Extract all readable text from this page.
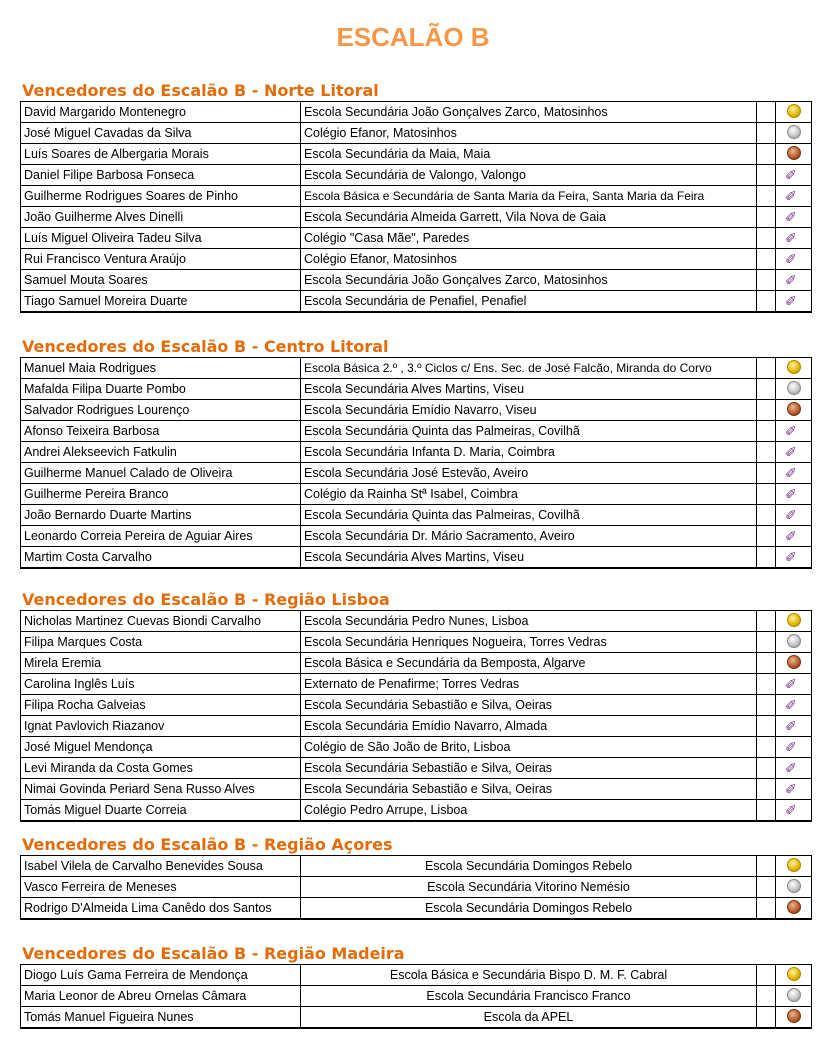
ESCALÃO B
Vencedores do Escalão B - Norte Litoral
David Margarido Montenegro	Escola Secundária João Gonçalves Zarco, Matosinhos
José Miguel Cavadas da Silva	Colégio Efanor, Matosinhos
Luís Soares de Albergaria Morais	Escola Secundária da Maia, Maia
Daniel Filipe Barbosa Fonseca	Escola Secundária de Valongo, Valongo	✐
Guilherme Rodrigues Soares de Pinho	Escola Básica e Secundária de Santa Maria da Feira, Santa Maria da Feira	✐
João Guilherme Alves Dinelli	Escola Secundária Almeida Garrett, Vila Nova de Gaia	✐
Luís Miguel Oliveira Tadeu Silva	Colégio "Casa Mãe", Paredes	✐
Rui Francisco Ventura Araújo	Colégio Efanor, Matosinhos	✐
Samuel Mouta Soares	Escola Secundária João Gonçalves Zarco, Matosinhos	✐
Tiago Samuel Moreira Duarte	Escola Secundária de Penafiel, Penafiel	✐
Vencedores do Escalão B - Centro Litoral
Manuel Maia Rodrigues	Escola Básica 2.º , 3.º Ciclos c/ Ens. Sec. de José Falcão, Miranda do Corvo
Mafalda Filipa Duarte Pombo	Escola Secundária Alves Martins, Viseu
Salvador Rodrigues Lourenço	Escola Secundária Emídio Navarro, Viseu
Afonso Teixeira Barbosa	Escola Secundária Quinta das Palmeiras, Covilhã	✐
Andrei Alekseevich Fatkulin	Escola Secundária Infanta D. Maria, Coimbra	✐
Guilherme Manuel Calado de Oliveira	Escola Secundária José Estevão, Aveiro	✐
Guilherme Pereira Branco	Colégio da Rainha Stª Isabel, Coimbra	✐
João Bernardo Duarte Martins	Escola Secundária Quinta das Palmeiras, Covilhã	✐
Leonardo Correia Pereira de Aguiar Aires	Escola Secundária Dr. Mário Sacramento, Aveiro	✐
Martim Costa Carvalho	Escola Secundária Alves Martins, Viseu	✐
Vencedores do Escalão B - Região Lisboa
Nicholas Martinez Cuevas Biondi Carvalho	Escola Secundária Pedro Nunes, Lisboa
Filipa Marques Costa	Escola Secundária Henriques Nogueira, Torres Vedras
Mirela Eremia	Escola Básica e Secundária da Bemposta, Algarve
Carolina Inglês Luís	Externato de Penafirme; Torres Vedras	✐
Filipa Rocha Galveias	Escola Secundária Sebastião e Silva, Oeiras	✐
Ignat Pavlovich Riazanov	Escola Secundária Emídio Navarro, Almada	✐
José Miguel Mendonça	Colégio de São João de Brito, Lisboa	✐
Levi Miranda da Costa Gomes	Escola Secundária Sebastião e Silva, Oeiras	✐
Nimai Govinda Periard Sena Russo Alves	Escola Secundária Sebastião e Silva, Oeiras	✐
Tomás Miguel Duarte Correia	Colégio Pedro Arrupe, Lisboa	✐
Vencedores do Escalão B - Região Açores
Isabel Vilela de Carvalho Benevides Sousa	Escola Secundária Domingos Rebelo
Vasco Ferreira de Meneses	Escola Secundária Vitorino Nemésio
Rodrigo D'Almeida Lima Canêdo dos Santos	Escola Secundária Domingos Rebelo
Vencedores do Escalão B - Região Madeira
Diogo Luís Gama Ferreira de Mendonça	Escola Básica e Secundária Bispo D. M. F. Cabral
Maria Leonor de Abreu Ornelas Câmara	Escola Secundária Francisco Franco
Tomás Manuel Figueira Nunes	Escola da APEL
